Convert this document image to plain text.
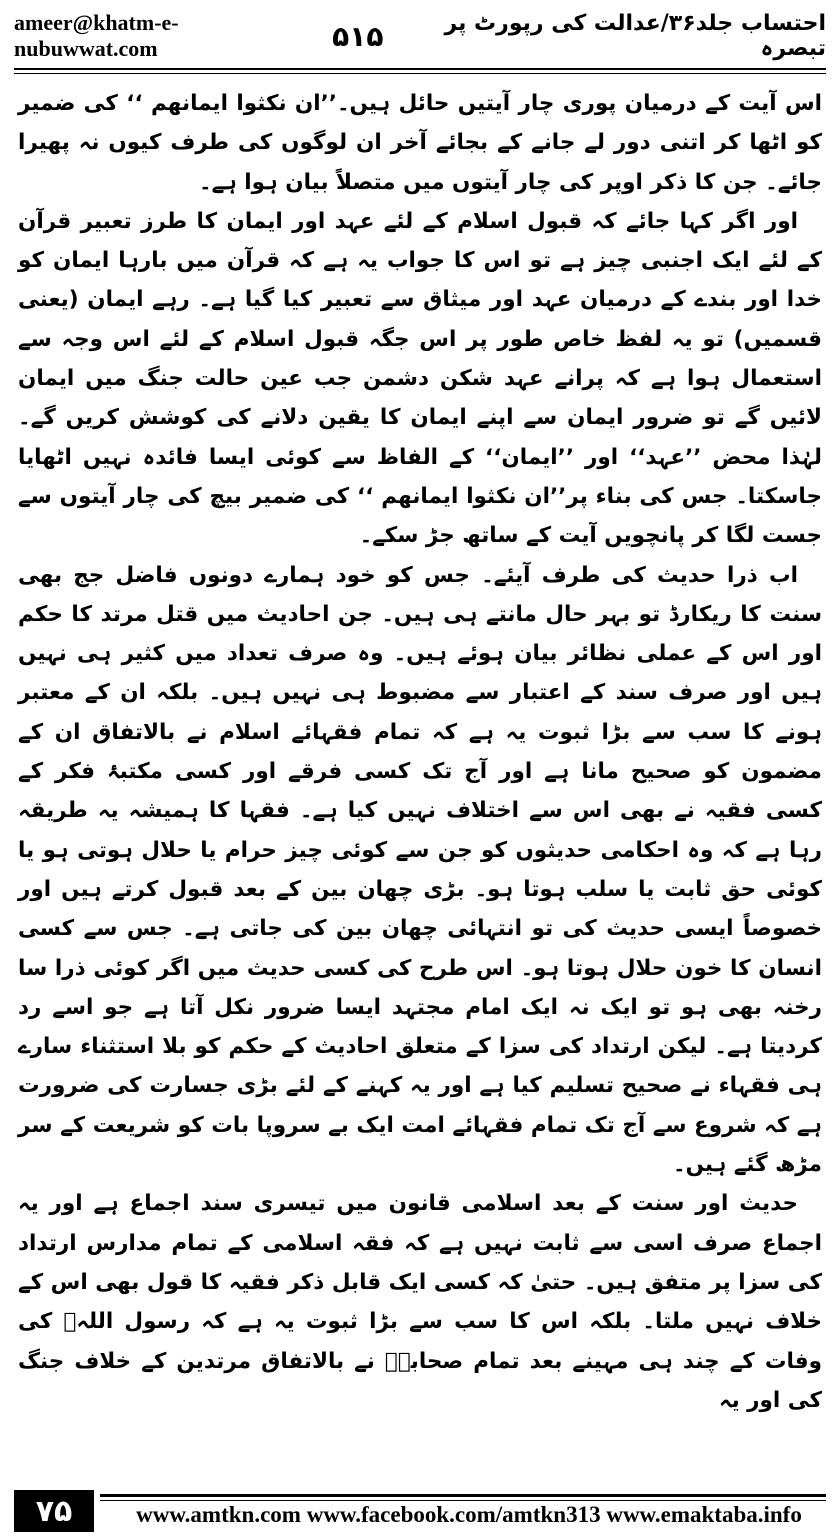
ameer@khatm-e-nubuwwat.com	۵۱۵	احتساب جلد۳۶/عدالت کی رپورٹ پر تبصرہ

اس آیت کے درمیان پوری چار آیتیں حائل ہیں۔’’ان نکثوا ایمانھم ‘‘ کی ضمیر کو اٹھا کر اتنی دور لے جانے کے بجائے آخر ان لوگوں کی طرف کیوں نہ پھیرا جائے۔ جن کا ذکر اوپر کی چار آیتوں میں متصلاً بیان ہوا ہے۔

اور اگر کہا جائے کہ قبول اسلام کے لئے عہد اور ایمان کا طرز تعبیر قرآن کے لئے ایک اجنبی چیز ہے تو اس کا جواب یہ ہے کہ قرآن میں بارہا ایمان کو خدا اور بندے کے درمیان عہد اور میثاق سے تعبیر کیا گیا ہے۔ رہے ایمان (یعنی قسمیں) تو یہ لفظ خاص طور پر اس جگہ قبول اسلام کے لئے اس وجہ سے استعمال ہوا ہے کہ پرانے عہد شکن دشمن جب عین حالت جنگ میں ایمان لائیں گے تو ضرور ایمان سے اپنے ایمان کا یقین دلانے کی کوشش کریں گے۔ لہٰذا محض ’’عہد‘‘ اور ’’ایمان‘‘ کے الفاظ سے کوئی ایسا فائدہ نہیں اٹھایا جاسکتا۔ جس کی بناء پر’’ان نکثوا ایمانھم ‘‘ کی ضمیر بیچ کی چار آیتوں سے جست لگا کر پانچویں آیت کے ساتھ جڑ سکے۔

اب ذرا حدیث کی طرف آیئے۔ جس کو خود ہمارے دونوں فاضل جج بھی سنت کا ریکارڈ تو بہر حال مانتے ہی ہیں۔ جن احادیث میں قتل مرتد کا حکم اور اس کے عملی نظائر بیان ہوئے ہیں۔ وہ صرف تعداد میں کثیر ہی نہیں ہیں اور صرف سند کے اعتبار سے مضبوط ہی نہیں ہیں۔ بلکہ ان کے معتبر ہونے کا سب سے بڑا ثبوت یہ ہے کہ تمام فقہائے اسلام نے بالاتفاق ان کے مضمون کو صحیح مانا ہے اور آج تک کسی فرقے اور کسی مکتبۂ فکر کے کسی فقیہ نے بھی اس سے اختلاف نہیں کیا ہے۔ فقہا کا ہمیشہ یہ طریقہ رہا ہے کہ وہ احکامی حدیثوں کو جن سے کوئی چیز حرام یا حلال ہوتی ہو یا کوئی حق ثابت یا سلب ہوتا ہو۔ بڑی چھان بین کے بعد قبول کرتے ہیں اور خصوصاً ایسی حدیث کی تو انتہائی چھان بین کی جاتی ہے۔ جس سے کسی انسان کا خون حلال ہوتا ہو۔ اس طرح کی کسی حدیث میں اگر کوئی ذرا سا رخنہ بھی ہو تو ایک نہ ایک امام مجتہد ایسا ضرور نکل آتا ہے جو اسے رد کردیتا ہے۔ لیکن ارتداد کی سزا کے متعلق احادیث کے حکم کو بلا استثناء سارے ہی فقہاء نے صحیح تسلیم کیا ہے اور یہ کہنے کے لئے بڑی جسارت کی ضرورت ہے کہ شروع سے آج تک تمام فقہائے امت ایک بے سروپا بات کو شریعت کے سر مڑھ گئے ہیں۔

حدیث اور سنت کے بعد اسلامی قانون میں تیسری سند اجماع ہے اور یہ اجماع صرف اسی سے ثابت نہیں ہے کہ فقہ اسلامی کے تمام مدارس ارتداد کی سزا پر متفق ہیں۔ حتیٰ کہ کسی ایک قابل ذکر فقیہ کا قول بھی اس کے خلاف نہیں ملتا۔ بلکہ اس کا سب سے بڑا ثبوت یہ ہے کہ رسول اللہﷺ کی وفات کے چند ہی مہینے بعد تمام صحابہؓ نے بالاتفاق مرتدین کے خلاف جنگ کی اور یہ

۷۵	www.amtkn.com www.facebook.com/amtkn313 www.emaktaba.info
